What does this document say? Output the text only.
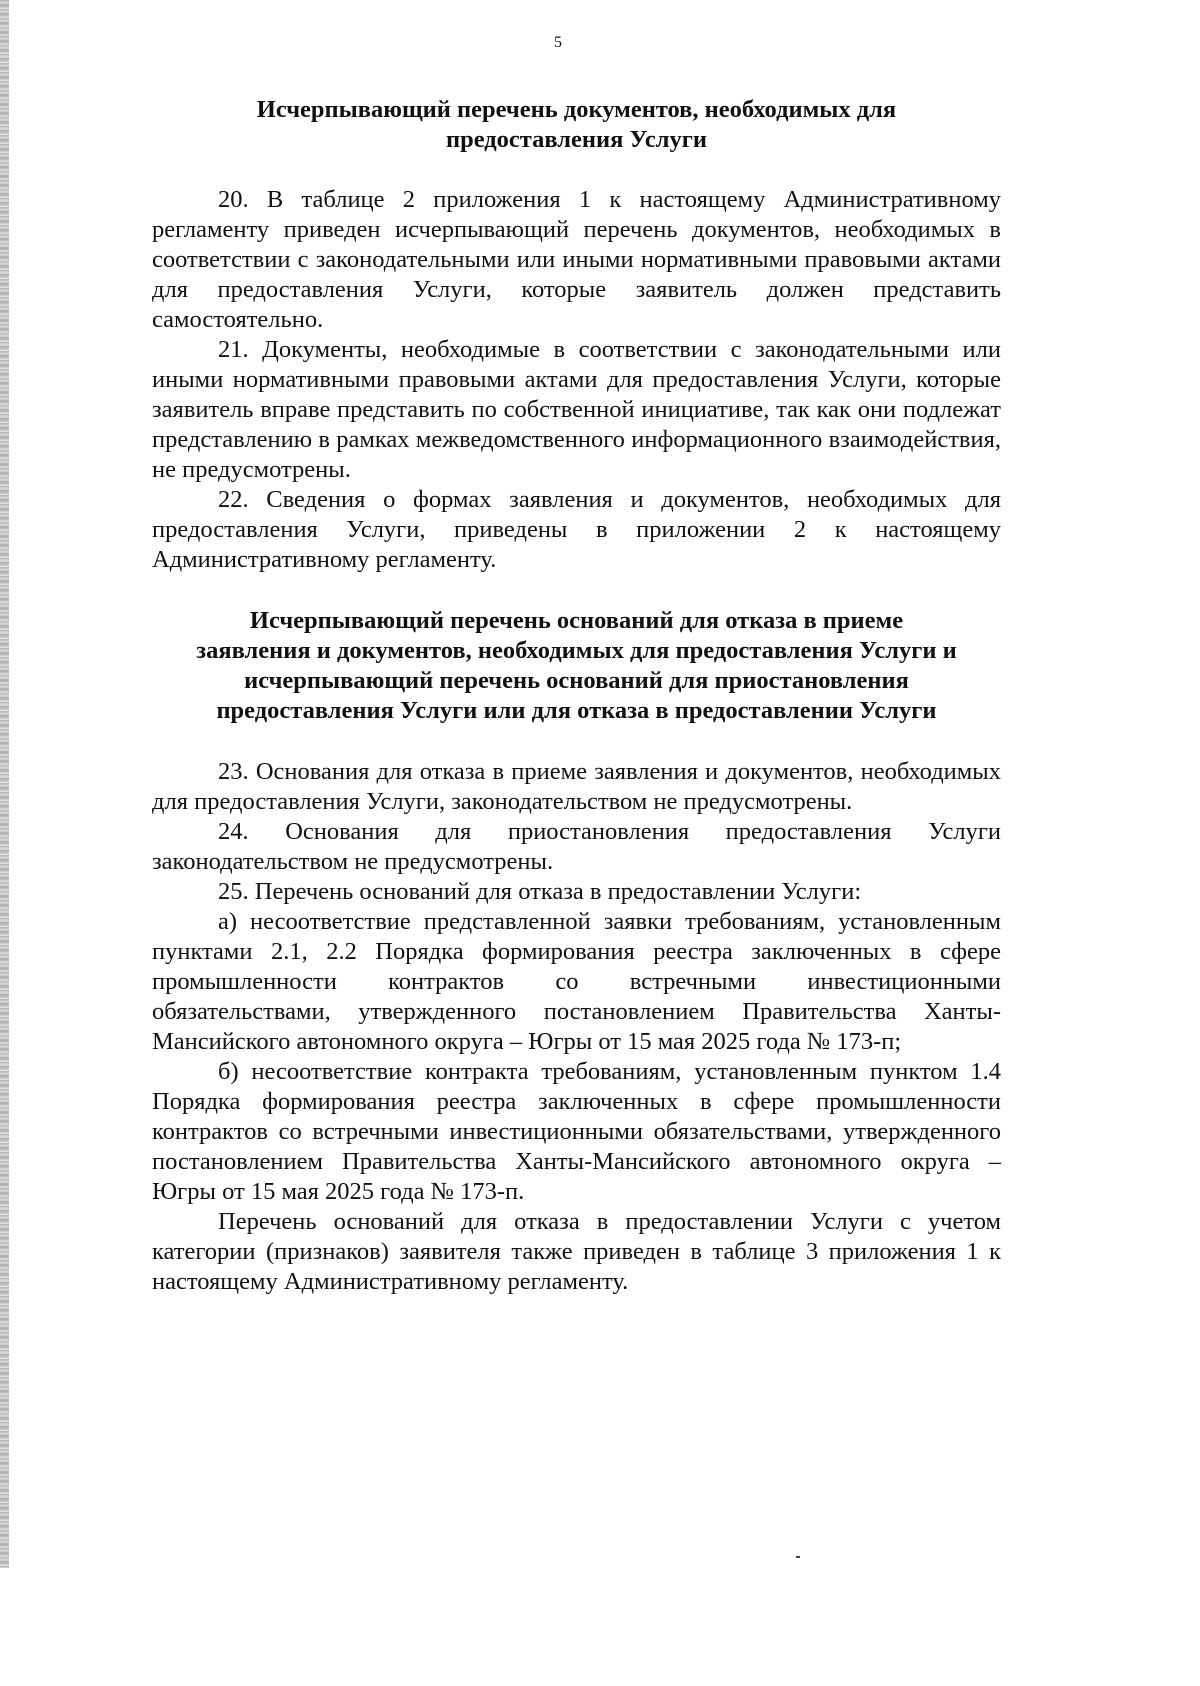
5
Исчерпывающий перечень документов, необходимых для
предоставления Услуги

20. В таблице 2 приложения 1 к настоящему Административному регламенту приведен исчерпывающий перечень документов, необходимых в соответствии с законодательными или иными нормативными правовыми актами для предоставления Услуги, которые заявитель должен представить самостоятельно.

21. Документы, необходимые в соответствии с законодательными или иными нормативными правовыми актами для предоставления Услуги, которые заявитель вправе представить по собственной инициативе, так как они подлежат представлению в рамках межведомственного информационного взаимодействия, не предусмотрены.

22. Сведения о формах заявления и документов, необходимых для предоставления Услуги, приведены в приложении 2 к настоящему Административному регламенту.

Исчерпывающий перечень оснований для отказа в приеме
заявления и документов, необходимых для предоставления Услуги и
исчерпывающий перечень оснований для приостановления
предоставления Услуги или для отказа в предоставлении Услуги

23. Основания для отказа в приеме заявления и документов, необходимых для предоставления Услуги, законодательством не предусмотрены.

24. Основания для приостановления предоставления Услуги законодательством не предусмотрены.

25. Перечень оснований для отказа в предоставлении Услуги:

а) несоответствие представленной заявки требованиям, установленным пунктами 2.1, 2.2 Порядка формирования реестра заключенных в сфере промышленности контрактов со встречными инвестиционными обязательствами, утвержденного постановлением Правительства Ханты-Мансийского автономного округа – Югры от 15 мая 2025 года № 173-п;

б) несоответствие контракта требованиям, установленным пунктом 1.4 Порядка формирования реестра заключенных в сфере промышленности контрактов со встречными инвестиционными обязательствами, утвержденного постановлением Правительства Ханты-Мансийского автономного округа – Югры от 15 мая 2025 года № 173-п.

Перечень оснований для отказа в предоставлении Услуги с учетом категории (признаков) заявителя также приведен в таблице 3 приложения 1 к настоящему Административному регламенту.
